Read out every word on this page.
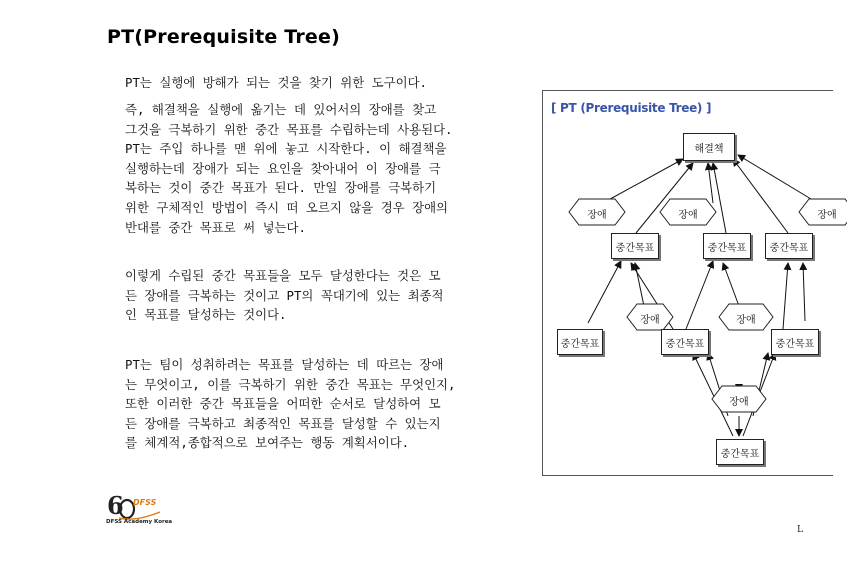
PT(Prerequisite Tree)
PT는 실행에 방해가 되는 것을 찾기 위한 도구이다.
즉, 해결책을 실행에 옮기는 데 있어서의 장애를 찾고
그것을 극복하기 위한 중간 목표를 수립하는데 사용된다.
PT는 주입 하나를 맨 위에 놓고 시작한다. 이 해결책을
실행하는데 장애가 되는 요인을 찾아내어 이 장애를 극
복하는 것이 중간 목표가 된다. 만일 장애를 극복하기
위한 구체적인 방법이 즉시 떠 오르지 않을 경우 장애의
반대를 중간 목표로 써 넣는다.
이렇게 수립된 중간 목표들을 모두 달성한다는 것은 모
든 장애를 극복하는 것이고 PT의 꼭대기에 있는 최종적
인 목표를 달성하는 것이다.
PT는 팀이 성취하려는 목표를 달성하는 데 따르는 장애
는 무엇이고, 이를 극복하기 위한 중간 목표는 무엇인지,
또한 이러한 중간 목표들을 어떠한 순서로 달성하여 모
든 장애를 극복하고 최종적인 목표를 달성할 수 있는지
를 체계적,종합적으로 보여주는 행동 계획서이다.
[ PT (Prerequisite Tree) ]
해결책
중간목표	중간목표	중간목표
중간목표	중간목표	중간목표
중간목표
장애	장애	장애
장애	장애
장애
6 DFSS
DFSS Academy Korea
L
